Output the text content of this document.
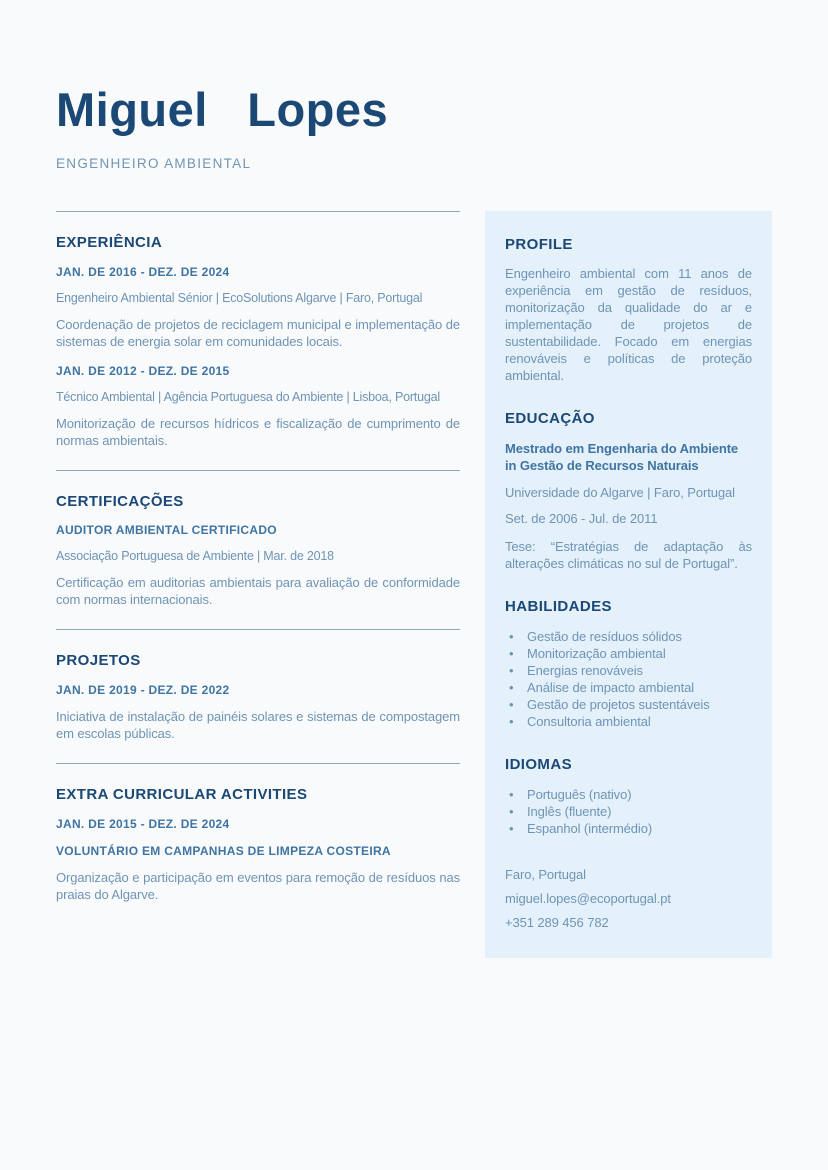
Miguel Lopes
ENGENHEIRO AMBIENTAL
EXPERIÊNCIA
JAN. DE 2016 - DEZ. DE 2024
Engenheiro Ambiental Sénior | EcoSolutions Algarve | Faro, Portugal

Coordenação de projetos de reciclagem municipal e implementação de sistemas de energia solar em comunidades locais.

JAN. DE 2012 - DEZ. DE 2015
Técnico Ambiental | Agência Portuguesa do Ambiente | Lisboa, Portugal

Monitorização de recursos hídricos e fiscalização de cumprimento de normas ambientais.

CERTIFICAÇÕES
AUDITOR AMBIENTAL CERTIFICADO
Associação Portuguesa de Ambiente | Mar. de 2018

Certificação em auditorias ambientais para avaliação de conformidade com normas internacionais.

PROJETOS
JAN. DE 2019 - DEZ. DE 2022

Iniciativa de instalação de painéis solares e sistemas de compostagem em escolas públicas.

EXTRA CURRICULAR ACTIVITIES
JAN. DE 2015 - DEZ. DE 2024
VOLUNTÁRIO EM CAMPANHAS DE LIMPEZA COSTEIRA

Organização e participação em eventos para remoção de resíduos nas praias do Algarve.

PROFILE

Engenheiro ambiental com 11 anos de experiência em gestão de resíduos, monitorização da qualidade do ar e implementação de projetos de sustentabilidade. Focado em energias renováveis e políticas de proteção ambiental.

EDUCAÇÃO
Mestrado em Engenharia do Ambiente in Gestão de Recursos Naturais
Universidade do Algarve | Faro, Portugal
Set. de 2006 - Jul. de 2011

Tese: “Estratégias de adaptação às alterações climáticas no sul de Portugal”.

HABILIDADES
• Gestão de resíduos sólidos
• Monitorização ambiental
• Energias renováveis
• Análise de impacto ambiental
• Gestão de projetos sustentáveis
• Consultoria ambiental
IDIOMAS
• Português (nativo)
• Inglês (fluente)
• Espanhol (intermédio)
Faro, Portugal
miguel.lopes@ecoportugal.pt
+351 289 456 782
